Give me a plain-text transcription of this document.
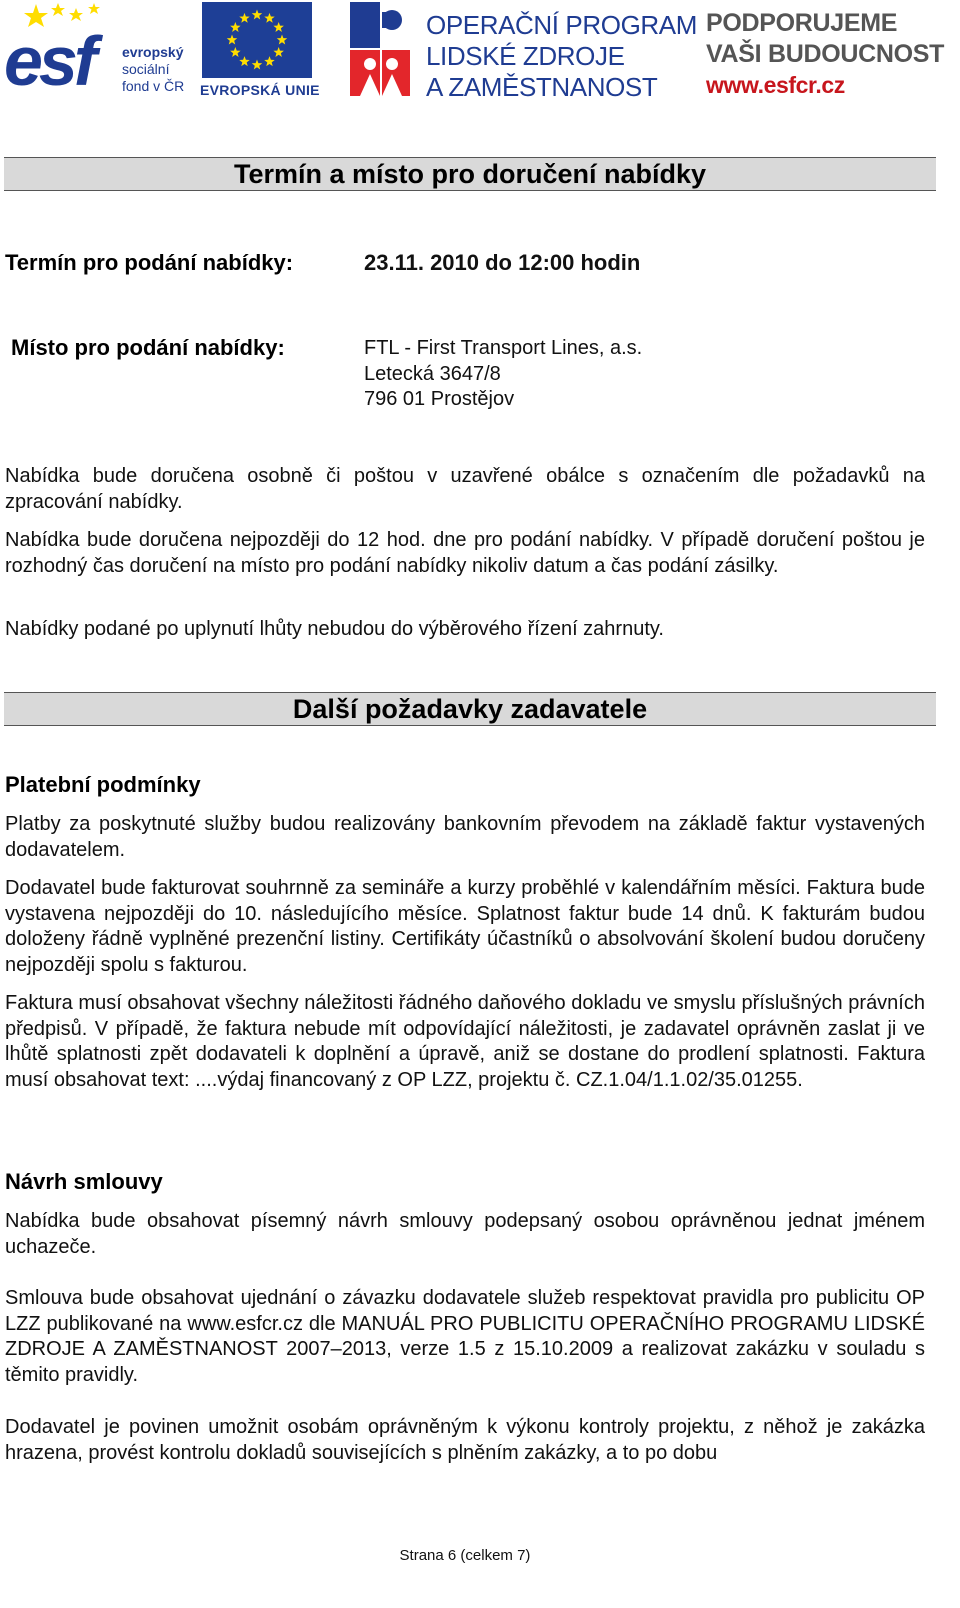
esf evropský
sociální
fond v ČR EVROPSKÁ UNIE
OPERAČNÍ PROGRAM
LIDSKÉ ZDROJE
A ZAMĚSTNANOST
PODPORUJEME
VAŠI BUDOUCNOST
www.esfcr.cz
Termín a místo pro doručení nabídky
Termín pro podání nabídky:	23.11. 2010 do 12:00 hodin
Místo pro podání nabídky:	FTL - First Transport Lines, a.s.
Letecká 3647/8
796 01 Prostějov
Nabídka bude doručena osobně či poštou v uzavřené obálce s označením dle požadavků na zpracování nabídky.
Nabídka bude doručena nejpozději do 12 hod. dne pro podání nabídky. V případě doručení poštou je rozhodný čas doručení na místo pro podání nabídky nikoliv datum a čas podání zásilky.
Nabídky podané po uplynutí lhůty nebudou do výběrového řízení zahrnuty.
Další požadavky zadavatele
Platební podmínky
Platby za poskytnuté služby budou realizovány bankovním převodem na základě faktur vystavených dodavatelem.
Dodavatel bude fakturovat souhrnně za semináře a kurzy proběhlé v kalendářním měsíci. Faktura bude vystavena nejpozději do 10. následujícího měsíce. Splatnost faktur bude 14 dnů. K fakturám budou doloženy řádně vyplněné prezenční listiny. Certifikáty účastníků o absolvování školení budou doručeny nejpozději spolu s fakturou.
Faktura musí obsahovat všechny náležitosti řádného daňového dokladu ve smyslu příslušných právních předpisů. V případě, že faktura nebude mít odpovídající náležitosti, je zadavatel oprávněn zaslat ji ve lhůtě splatnosti zpět dodavateli k doplnění a úpravě, aniž se dostane do prodlení splatnosti. Faktura musí obsahovat text: ....výdaj financovaný z OP LZZ, projektu č. CZ.1.04/1.1.02/35.01255.
Návrh smlouvy
Nabídka bude obsahovat písemný návrh smlouvy podepsaný osobou oprávněnou jednat jménem uchazeče.
Smlouva bude obsahovat ujednání o závazku dodavatele služeb respektovat pravidla pro publicitu OP LZZ publikované na www.esfcr.cz dle MANUÁL PRO PUBLICITU OPERAČNÍHO PROGRAMU LIDSKÉ ZDROJE A ZAMĚSTNANOST 2007–2013, verze 1.5 z 15.10.2009 a realizovat zakázku v souladu s těmito pravidly.
Dodavatel je povinen umožnit osobám oprávněným k výkonu kontroly projektu, z něhož je zakázka hrazena, provést kontrolu dokladů souvisejících s plněním zakázky, a to po dobu
Strana 6 (celkem 7)
